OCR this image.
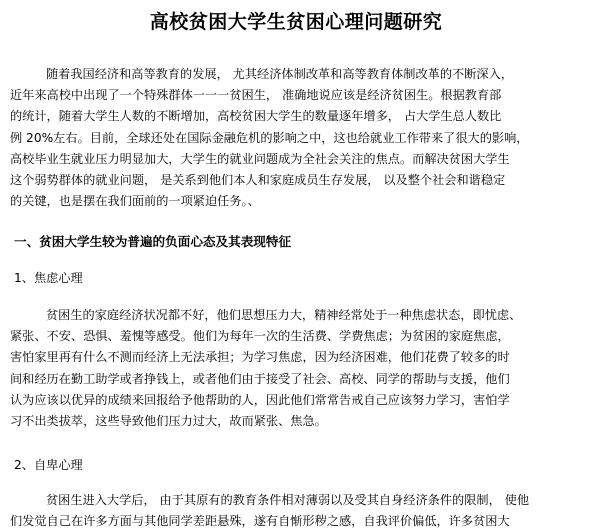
高校贫困大学生贫困心理问题研究
随着我国经济和高等教育的发展， 尤其经济体制改革和高等教育体制改革的不断深入，
近年来高校中出现了一个特殊群体一一一贫困生， 准确地说应该是经济贫困生。根据教育部
的统计，随着大学生人数的不断增加，高校贫困大学生的数量逐年增多， 占大学生总人数比
例 20%左右。目前，全球还处在国际金融危机的影响之中，这也给就业工作带来了很大的影响，
高校毕业生就业压力明显加大，大学生的就业问题成为全社会关注的焦点。而解决贫困大学生
这个弱势群体的就业问题， 是关系到他们本人和家庭成员生存发展， 以及整个社会和谐稳定
的关键，也是摆在我们面前的一项紧迫任务。、
一、贫困大学生较为普遍的负面心态及其表现特征
1、焦虑心理
贫困生的家庭经济状况都不好，他们思想压力大，精神经常处于一种焦虑状态，即忧虑、
紧张、不安、恐惧、羞愧等感受。他们为每年一次的生活费、学费焦虑；为贫困的家庭焦虑，
害怕家里再有什么不测而经济上无法承担；为学习焦虑，因为经济困难，他们花费了较多的时
间和经历在勤工助学或者挣钱上，或者他们由于接受了社会、高校、同学的帮助与支援，他们
认为应该以优异的成绩来回报给予他帮助的人，因此他们常常告戒自己应该努力学习，害怕学
习不出类拔萃，这些导致他们压力过大，故而紧张、焦急。
2、自卑心理
贫困生进入大学后， 由于其原有的教育条件相对薄弱以及受其自身经济条件的限制， 使他
们发觉自己在许多方面与其他同学差距悬殊，遂有自惭形秽之感，自我评价偏低，许多贫困大
